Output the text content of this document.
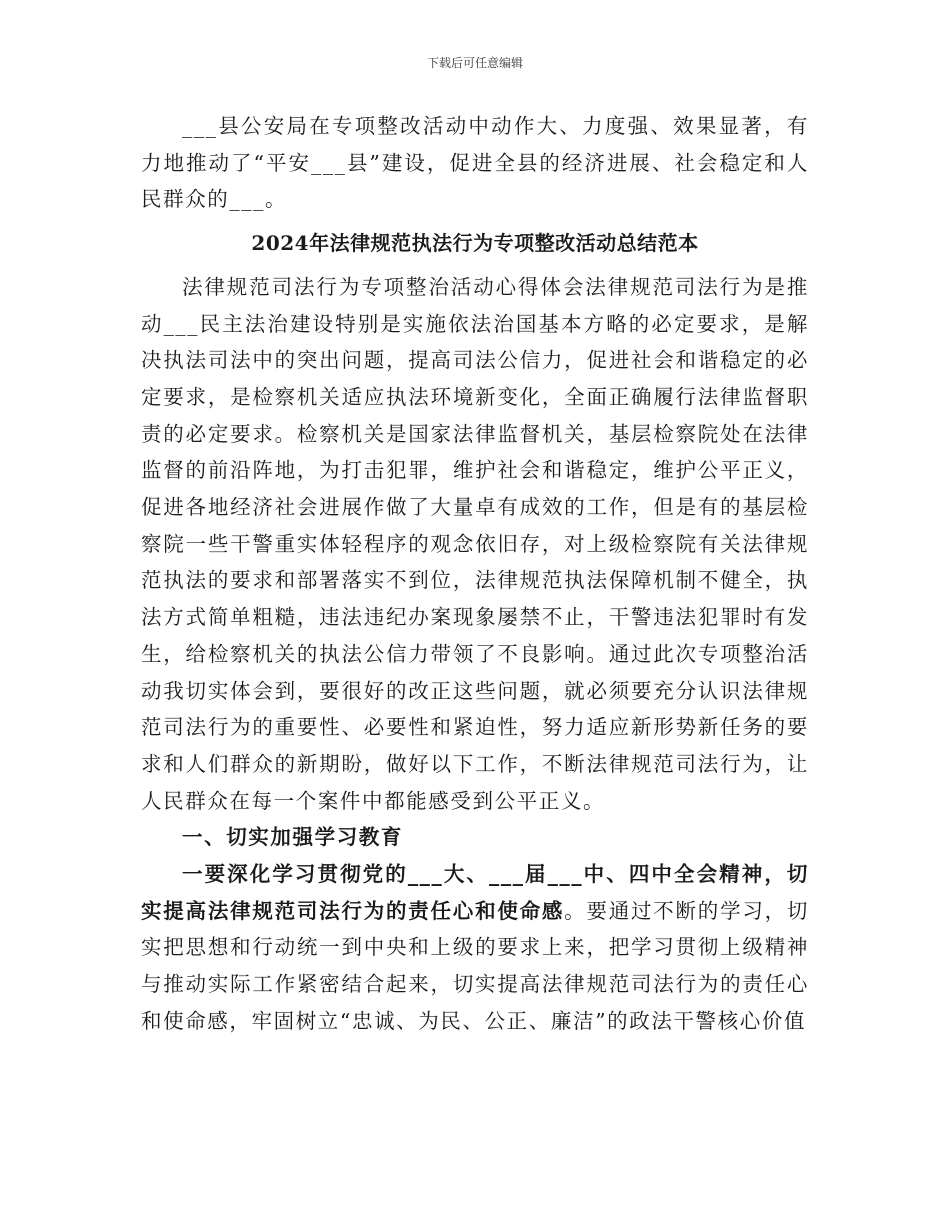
下载后可任意编辑

___县公安局在专项整改活动中动作大、力度强、效果显著，有力地推动了“平安___县”建设，促进全县的经济进展、社会稳定和人民群众的___。

2024年法律规范执法行为专项整改活动总结范本

法律规范司法行为专项整治活动心得体会法律规范司法行为是推动___民主法治建设特别是实施依法治国基本方略的必定要求，是解决执法司法中的突出问题，提高司法公信力，促进社会和谐稳定的必定要求，是检察机关适应执法环境新变化，全面正确履行法律监督职责的必定要求。检察机关是国家法律监督机关，基层检察院处在法律监督的前沿阵地，为打击犯罪，维护社会和谐稳定，维护公平正义，促进各地经济社会进展作做了大量卓有成效的工作，但是有的基层检察院一些干警重实体轻程序的观念依旧存，对上级检察院有关法律规范执法的要求和部署落实不到位，法律规范执法保障机制不健全，执法方式简单粗糙，违法违纪办案现象屡禁不止，干警违法犯罪时有发生，给检察机关的执法公信力带领了不良影响。通过此次专项整治活动我切实体会到，要很好的改正这些问题，就必须要充分认识法律规范司法行为的重要性、必要性和紧迫性，努力适应新形势新任务的要求和人们群众的新期盼，做好以下工作，不断法律规范司法行为，让人民群众在每一个案件中都能感受到公平正义。

一、切实加强学习教育

一要深化学习贯彻党的___大、___届___中、四中全会精神，切实提高法律规范司法行为的责任心和使命感。要通过不断的学习，切实把思想和行动统一到中央和上级的要求上来，把学习贯彻上级精神与推动实际工作紧密结合起来，切实提高法律规范司法行为的责任心和使命感，牢固树立“忠诚、为民、公正、廉洁”的政法干警核心价值
